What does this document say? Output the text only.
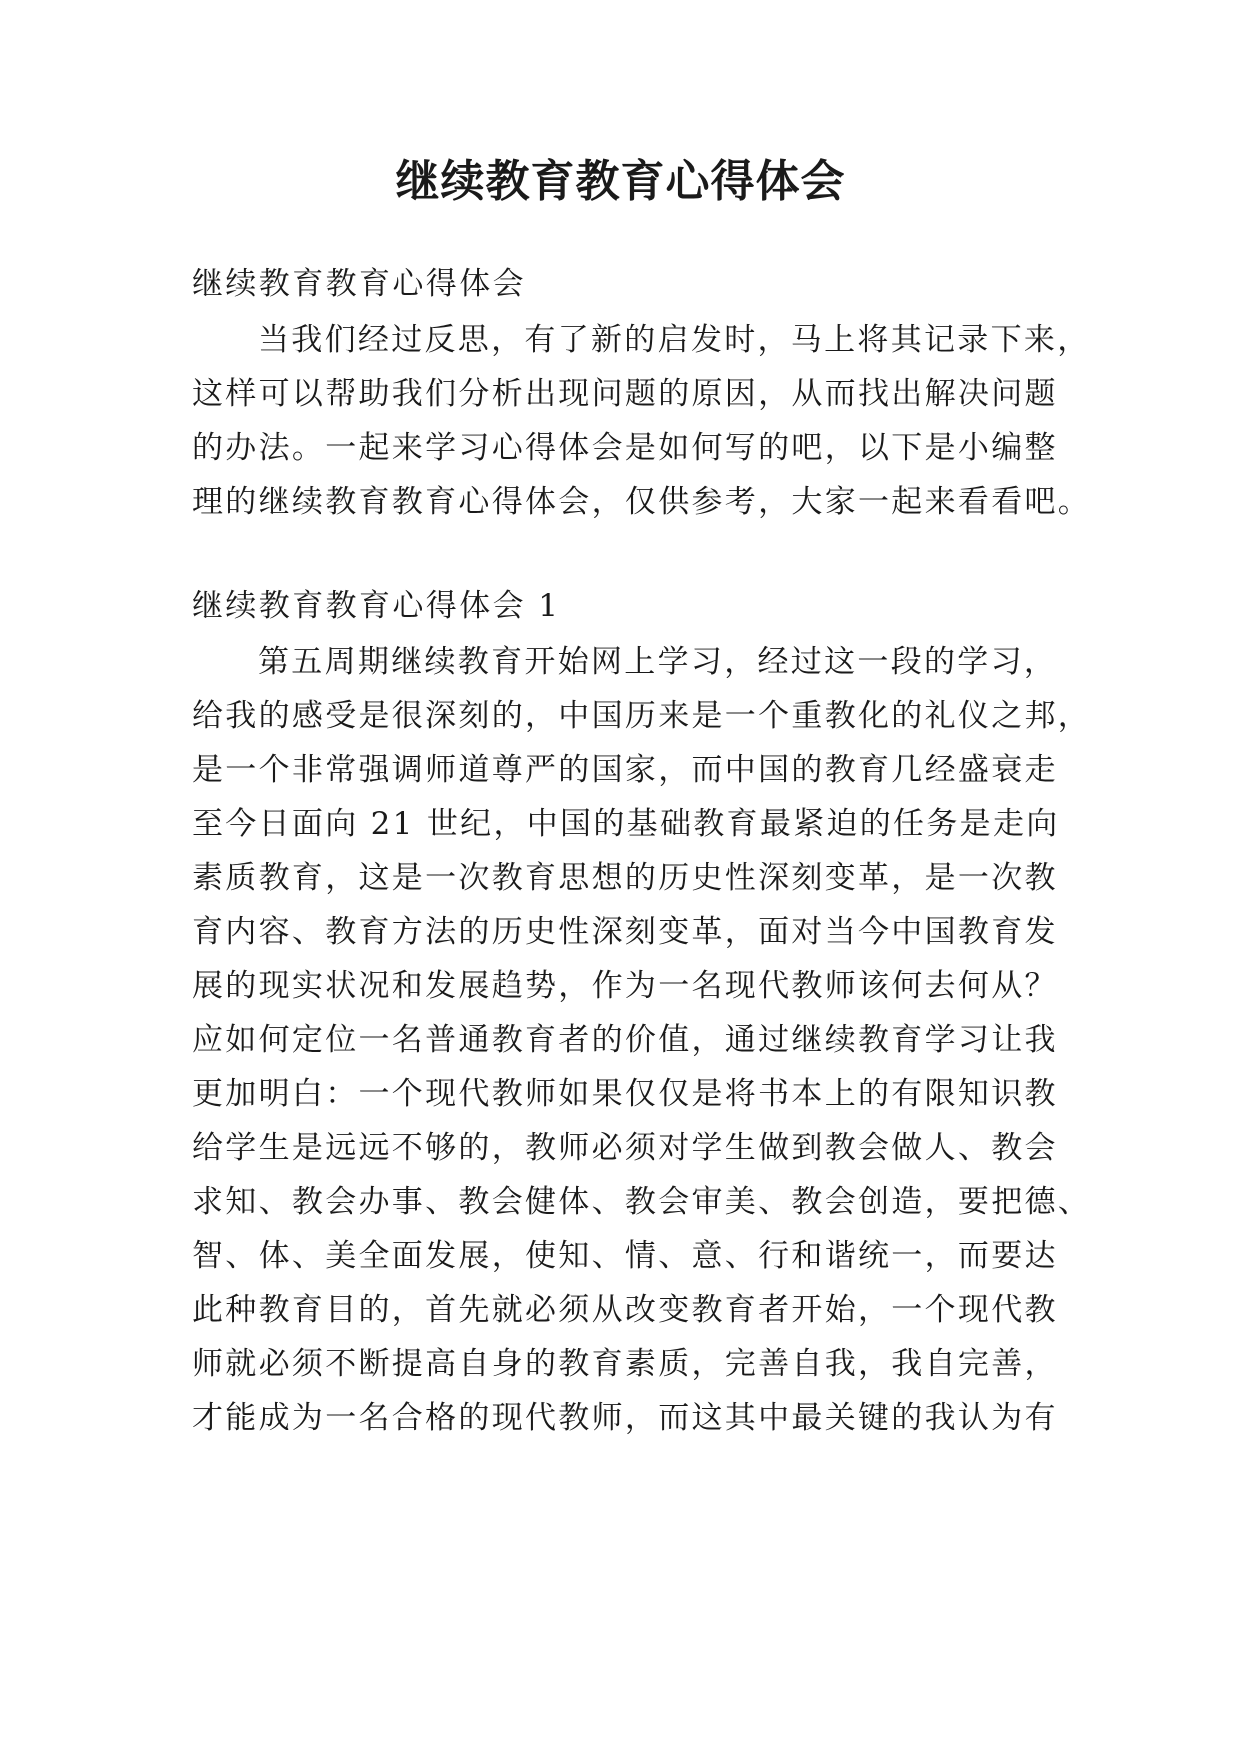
继续教育教育心得体会

继续教育教育心得体会

当我们经过反思，有了新的启发时，马上将其记录下来，

这样可以帮助我们分析出现问题的原因，从而找出解决问题

的办法。一起来学习心得体会是如何写的吧，以下是小编整

理的继续教育教育心得体会，仅供参考，大家一起来看看吧。

继续教育教育心得体会 1

第五周期继续教育开始网上学习，经过这一段的学习，

给我的感受是很深刻的，中国历来是一个重教化的礼仪之邦，

是一个非常强调师道尊严的国家，而中国的教育几经盛衰走

至今日面向 21 世纪，中国的基础教育最紧迫的任务是走向

素质教育，这是一次教育思想的历史性深刻变革，是一次教

育内容、教育方法的历史性深刻变革，面对当今中国教育发

展的现实状况和发展趋势，作为一名现代教师该何去何从？

应如何定位一名普通教育者的价值，通过继续教育学习让我

更加明白：一个现代教师如果仅仅是将书本上的有限知识教

给学生是远远不够的，教师必须对学生做到教会做人、教会

求知、教会办事、教会健体、教会审美、教会创造，要把德、

智、体、美全面发展，使知、情、意、行和谐统一，而要达

此种教育目的，首先就必须从改变教育者开始，一个现代教

师就必须不断提高自身的教育素质，完善自我，我自完善，

才能成为一名合格的现代教师，而这其中最关键的我认为有
